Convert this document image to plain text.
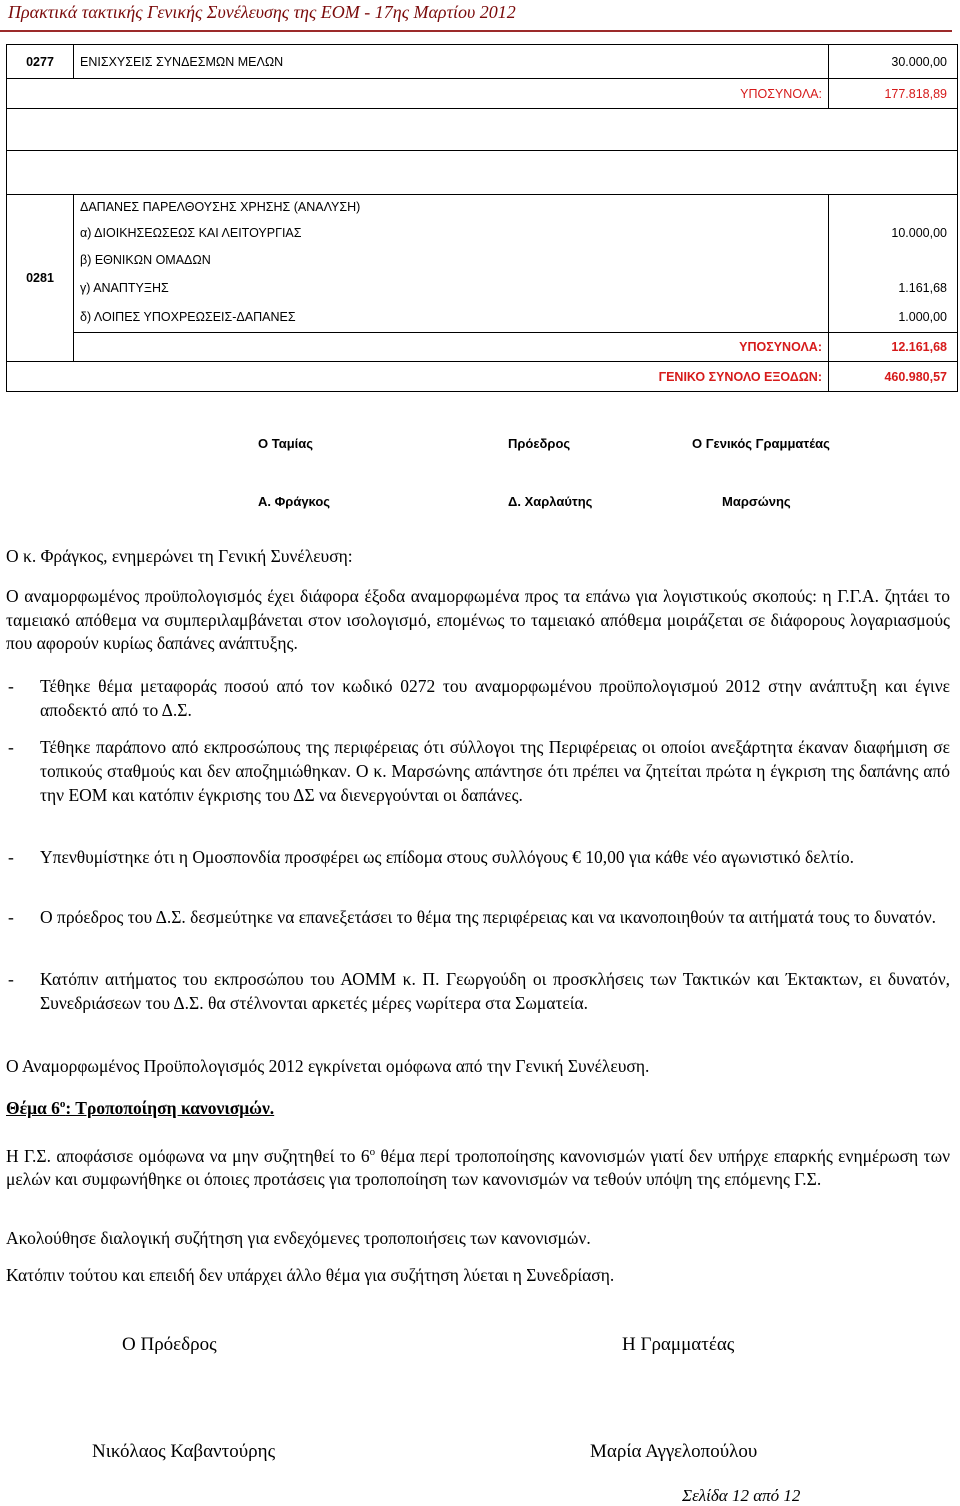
Πρακτικά τακτικής Γενικής Συνέλευσης της ΕΟΜ - 17ης Μαρτίου 2012
0277	ΕΝΙΣΧΥΣΕΙΣ ΣΥΝΔΕΣΜΩΝ ΜΕΛΩΝ	30.000,00
ΥΠΟΣΥΝΟΛΑ:		177.818,89

0281	ΔΑΠΑΝΕΣ ΠΑΡΕΛΘΟΥΣΗΣ ΧΡΗΣΗΣ (ΑΝΑΛΥΣΗ)	
	α) ΔΙΟΙΚΗΣΕΩΣΕΩΣ ΚΑΙ ΛΕΙΤΟΥΡΓΙΑΣ	10.000,00
	β) ΕΘΝΙΚΩΝ ΟΜΑΔΩΝ	
	γ) ΑΝΑΠΤΥΞΗΣ	1.161,68
	δ) ΛΟΙΠΕΣ ΥΠΟΧΡΕΩΣΕΙΣ-ΔΑΠΑΝΕΣ	1.000,00
	ΥΠΟΣΥΝΟΛΑ:	12.161,68
ΓΕΝΙΚΟ ΣΥΝΟΛΟ ΕΞΟΔΩΝ:		460.980,57
Ο Ταμίας	Πρόεδρος	Ο Γενικός Γραμματέας
Α. Φράγκος	Δ. Χαρλαύτης	Μαρσώνης
Ο κ. Φράγκος, ενημερώνει τη Γενική Συνέλευση:
Ο αναμορφωμένος προϋπολογισμός έχει διάφορα έξοδα αναμορφωμένα προς τα επάνω για λογιστικούς σκοπούς: η Γ.Γ.Α. ζητάει το ταμειακό απόθεμα να συμπεριλαμβάνεται στον ισολογισμό, επομένως το ταμειακό απόθεμα μοιράζεται σε διάφορους λογαριασμούς που αφορούν κυρίως δαπάνες ανάπτυξης.
- Τέθηκε θέμα μεταφοράς ποσού από τον κωδικό 0272 του αναμορφωμένου προϋπολογισμού 2012 στην ανάπτυξη και έγινε αποδεκτό από το Δ.Σ.
- Τέθηκε παράπονο από εκπροσώπους της περιφέρειας ότι σύλλογοι της Περιφέρειας οι οποίοι ανεξάρτητα έκαναν διαφήμιση σε τοπικούς σταθμούς και δεν αποζημιώθηκαν. Ο κ. Μαρσώνης απάντησε ότι πρέπει να ζητείται πρώτα η έγκριση της δαπάνης από την ΕΟΜ και κατόπιν έγκρισης του ΔΣ να διενεργούνται οι δαπάνες.
- Υπενθυμίστηκε ότι η Ομοσπονδία προσφέρει ως επίδομα στους συλλόγους € 10,00 για κάθε νέο αγωνιστικό δελτίο.
- Ο πρόεδρος του Δ.Σ. δεσμεύτηκε να επανεξετάσει το θέμα της περιφέρειας και να ικανοποιηθούν τα αιτήματά τους το δυνατόν.
- Κατόπιν αιτήματος του εκπροσώπου του ΑΟΜΜ κ. Π. Γεωργούδη οι προσκλήσεις των Τακτικών και Έκτακτων, ει δυνατόν, Συνεδριάσεων του Δ.Σ. θα στέλνονται αρκετές μέρες νωρίτερα στα Σωματεία.
Ο Αναμορφωμένος Προϋπολογισμός 2012 εγκρίνεται ομόφωνα από την Γενική Συνέλευση.
Θέμα $6^o$: Τροποποίηση κανονισμών.
Η Γ.Σ. αποφάσισε ομόφωνα να μην συζητηθεί το $6^o$ θέμα περί τροποποίησης κανονισμών γιατί δεν υπήρχε επαρκής ενημέρωση των μελών και συμφωνήθηκε οι όποιες προτάσεις για τροποποίηση των κανονισμών να τεθούν υπόψη της επόμενης Γ.Σ.
Ακολούθησε διαλογική συζήτηση για ενδεχόμενες τροποποιήσεις των κανονισμών.
Κατόπιν τούτου και επειδή δεν υπάρχει άλλο θέμα για συζήτηση λύεται η Συνεδρίαση.
Ο Πρόεδρος	Η Γραμματέας
Νικόλαος Καβαντούρης	Μαρία Αγγελοπούλου
Σελίδα 12 από 12
